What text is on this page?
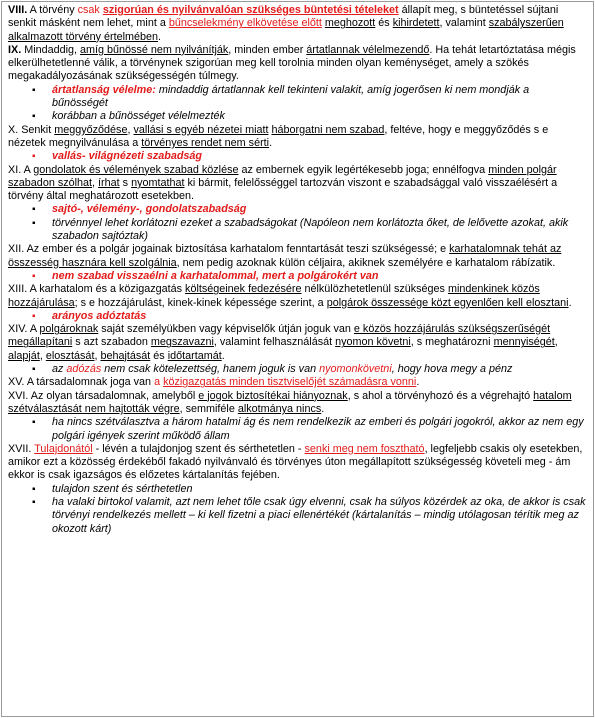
VIII. A törvény csak szigorúan és nyilvánvalóan szükséges büntetési tételeket állapít meg, s büntetéssel sújtani senkit másként nem lehet, mint a bűncselekmény elkövetése előtt meghozott és kihirdetett, valamint szabályszerűen alkalmazott törvény értelmében.

IX. Mindaddig, amíg bűnössé nem nyilvánítják, minden ember ártatlannak vélelmezendő. Ha tehát letartóztatása mégis elkerülhetetlenné válik, a törvénynek szigorúan meg kell torolnia minden olyan keménységet, amely a szökés megakadályozásának szükségességén túlmegy.

▪ ártatlanság vélelme: mindaddig ártatlannak kell tekinteni valakit, amíg jogerősen ki nem mondják a bűnösségét
▪ korábban a bűnösséget vélelmezték

X. Senkit meggyőződése, vallási s egyéb nézetei miatt háborgatni nem szabad, feltéve, hogy e meggyőződés s e nézetek megnyilvánulása a törvényes rendet nem sérti.

▪ vallás- világnézeti szabadság

XI. A gondolatok és vélemények szabad közlése az embernek egyik legértékesebb joga; ennélfogva minden polgár szabadon szólhat, írhat s nyomtathat ki bármit, felelősséggel tartozván viszont e szabadsággal való visszaélésért a törvény által meghatározott esetekben.

▪ sajtó-, vélemény-, gondolatszabadság
▪ törvénnyel lehet korlátozni ezeket a szabadságokat (Napóleon nem korlátozta őket, de lelővette azokat, akik szabadon sajtóztak)

XII. Az ember és a polgár jogainak biztosítása karhatalom fenntartását teszi szükségessé; e karhatalomnak tehát az összesség hasznára kell szolgálnia, nem pedig azoknak külön céljaira, akiknek személyére e karhatalom rábízatik.

▪ nem szabad visszaélni a karhatalommal, mert a polgárokért van

XIII. A karhatalom és a közigazgatás költségeinek fedezésére nélkülözhetetlenül szükséges mindenkinek közös hozzájárulása; s e hozzájárulást, kinek-kinek képessége szerint, a polgárok összessége közt egyenlően kell elosztani.

▪ arányos adóztatás

XIV. A polgároknak saját személyükben vagy képviselők útján joguk van e közös hozzájárulás szükségszerűségét megállapítani s azt szabadon megszavazni, valamint felhasználását nyomon követni, s meghatározni mennyiségét, alapját, elosztását, behajtását és időtartamát.

▪ az adózás nem csak kötelezettség, hanem joguk is van nyomonkövetni, hogy hova megy a pénz

XV. A társadalomnak joga van a közigazgatás minden tisztviselőjét számadásra vonni.

XVI. Az olyan társadalomnak, amelyből e jogok biztosítékai hiányoznak, s ahol a törvényhozó és a végrehajtó hatalom szétválasztását nem hajtották végre, semmiféle alkotmánya nincs.

▪ ha nincs szétválasztva a három hatalmi ág és nem rendelkezik az emberi és polgári jogokról, akkor az nem egy polgári igények szerint működő állam

XVII. Tulajdonától - lévén a tulajdonjog szent és sérthetetlen - senki meg nem fosztható, legfeljebb csakis oly esetekben, amikor ezt a közösség érdekéből fakadó nyilvánvaló és törvényes úton megállapított szükségesség követeli meg - ám ekkor is csak igazságos és előzetes kártalanítás fejében.

▪ tulajdon szent és sérthetetlen
▪ ha valaki birtokol valamit, azt nem lehet tőle csak úgy elvenni, csak ha súlyos közérdek az oka, de akkor is csak törvényi rendelkezés mellett – ki kell fizetni a piaci ellenértékét (kártalanítás – mindig utólagosan térítik meg az okozott kárt)
